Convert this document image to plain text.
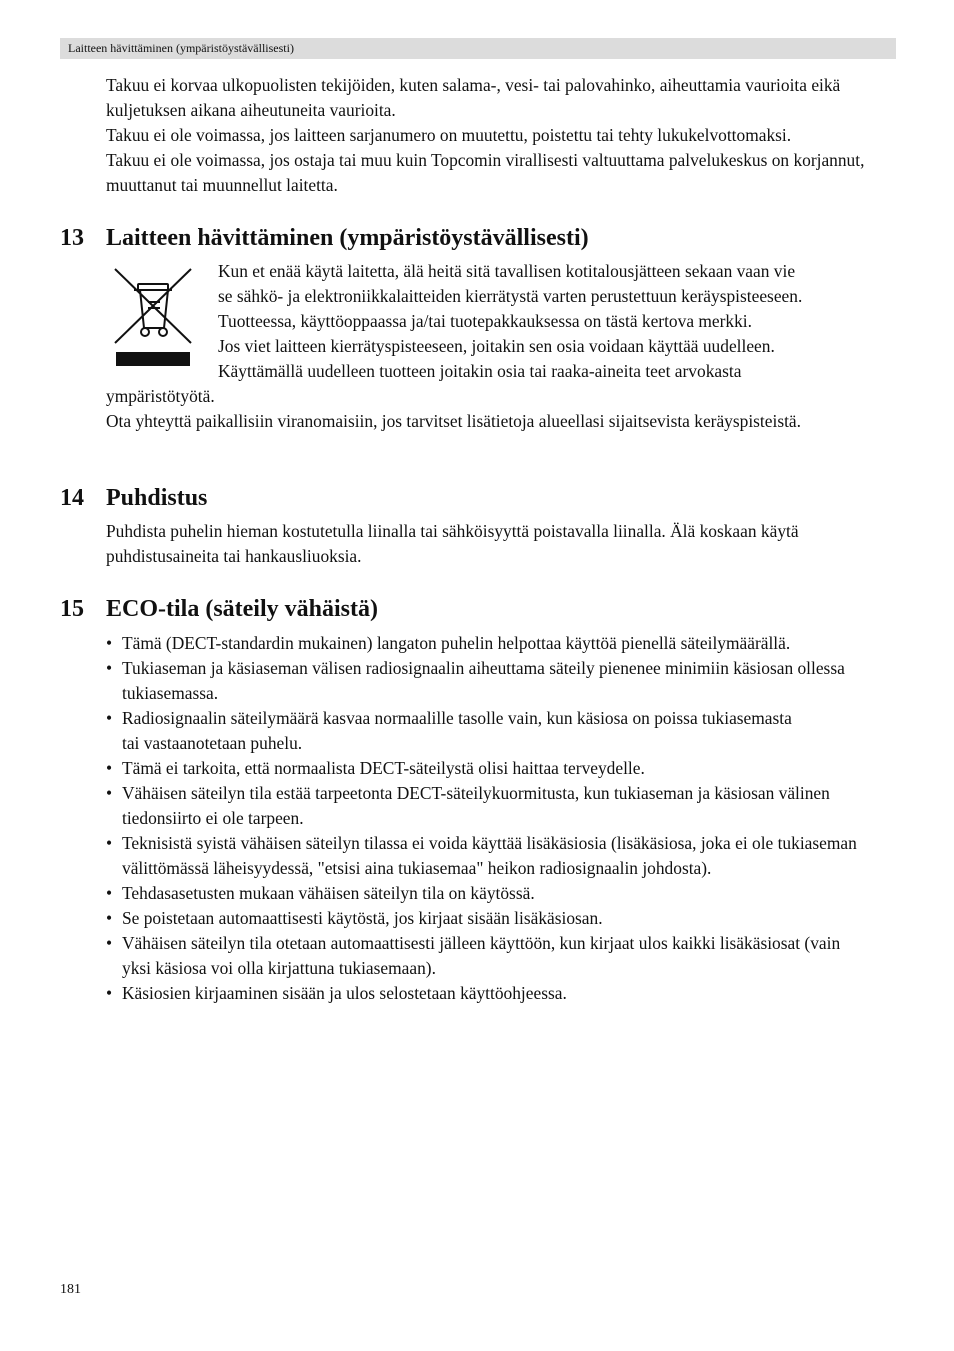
Laitteen hävittäminen (ympäristöystävällisesti)

Takuu ei korvaa ulkopuolisten tekijöiden, kuten salama-, vesi- tai palovahinko, aiheuttamia vaurioita eikä kuljetuksen aikana aiheutuneita vaurioita.

Takuu ei ole voimassa, jos laitteen sarjanumero on muutettu, poistettu tai tehty lukukelvottomaksi.

Takuu ei ole voimassa, jos ostaja tai muu kuin Topcomin virallisesti valtuuttama palvelukeskus on korjannut, muuttanut tai muunnellut laitetta.

13 Laitteen hävittäminen (ympäristöystävällisesti)
Kun et enää käytä laitetta, älä heitä sitä tavallisen kotitalousjätteen sekaan vaan vie
se sähkö- ja elektroniikkalaitteiden kierrätystä varten perustettuun keräyspisteeseen.
Tuotteessa, käyttöoppaassa ja/tai tuotepakkauksessa on tästä kertova merkki.
Jos viet laitteen kierrätyspisteeseen, joitakin sen osia voidaan käyttää uudelleen.
Käyttämällä uudelleen tuotteen joitakin osia tai raaka-aineita teet arvokasta
ympäristötyötä.
Ota yhteyttä paikallisiin viranomaisiin, jos tarvitset lisätietoja alueellasi sijaitsevista keräyspisteistä.
14 Puhdistus
Puhdista puhelin hieman kostutetulla liinalla tai sähköisyyttä poistavalla liinalla. Älä koskaan käytä puhdistusaineita tai hankausliuoksia.
15 ECO-tila (säteily vähäistä)
• Tämä (DECT-standardin mukainen) langaton puhelin helpottaa käyttöä pienellä säteilymäärällä.
• Tukiaseman ja käsiaseman välisen radiosignaalin aiheuttama säteily pienenee minimiin käsiosan ollessa tukiasemassa.
• Radiosignaalin säteilymäärä kasvaa normaalille tasolle vain, kun käsiosa on poissa tukiasemasta tai vastaanotetaan puhelu.
• Tämä ei tarkoita, että normaalista DECT-säteilystä olisi haittaa terveydelle.
• Vähäisen säteilyn tila estää tarpeetonta DECT-säteilykuormitusta, kun tukiaseman ja käsiosan välinen tiedonsiirto ei ole tarpeen.
• Teknisistä syistä vähäisen säteilyn tilassa ei voida käyttää lisäkäsiosia (lisäkäsiosa, joka ei ole tukiaseman välittömässä läheisyydessä, "etsisi aina tukiasemaa" heikon radiosignaalin johdosta).
• Tehdasasetusten mukaan vähäisen säteilyn tila on käytössä.
• Se poistetaan automaattisesti käytöstä, jos kirjaat sisään lisäkäsiosan.
• Vähäisen säteilyn tila otetaan automaattisesti jälleen käyttöön, kun kirjaat ulos kaikki lisäkäsiosat (vain yksi käsiosa voi olla kirjattuna tukiasemaan).
• Käsiosien kirjaaminen sisään ja ulos selostetaan käyttöohjeessa.
181
